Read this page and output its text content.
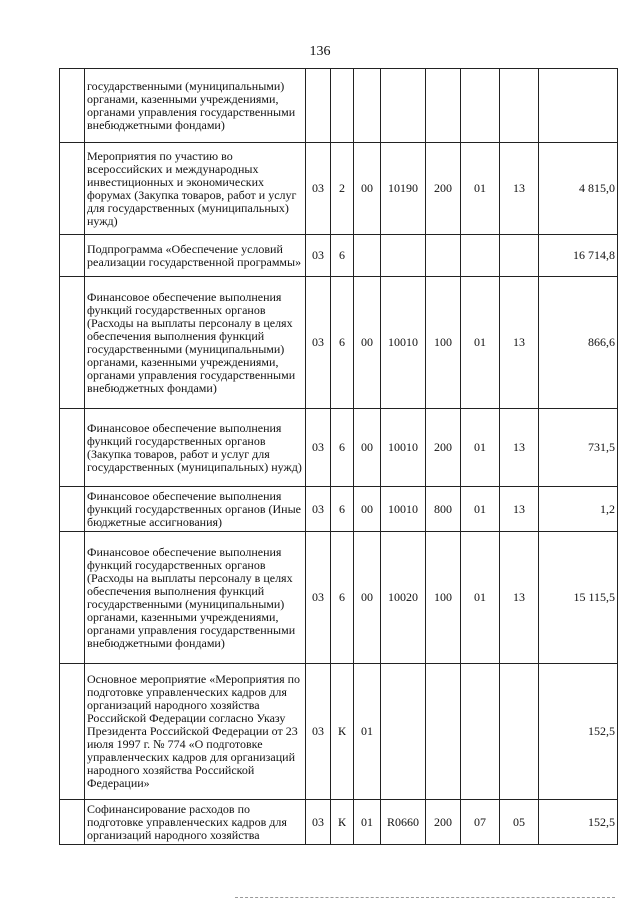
136
	государственными (муниципальными) органами, казенными учреждениями, органами управления государственными внебюджетными фондами)								
	Мероприятия по участию во всероссийских и международных инвестиционных и экономических форумах (Закупка товаров, работ и услуг для государственных (муниципальных) нужд)	03	2	00	10190	200	01	13	4 815,0
	Подпрограмма «Обеспечение условий реализации государственной программы»	03	6						16 714,8
	Финансовое обеспечение выполнения функций государственных органов (Расходы на выплаты персоналу в целях обеспечения выполнения функций государственными (муниципальными) органами, казенными учреждениями, органами управления государственными внебюджетных фондами)	03	6	00	10010	100	01	13	866,6
	Финансовое обеспечение выполнения функций государственных органов (Закупка товаров, работ и услуг для государственных (муниципальных) нужд)	03	6	00	10010	200	01	13	731,5
	Финансовое обеспечение выполнения функций государственных органов (Иные бюджетные ассигнования)	03	6	00	10010	800	01	13	1,2
	Финансовое обеспечение выполнения функций государственных органов (Расходы на выплаты персоналу в целях обеспечения выполнения функций государственными (муниципальными) органами, казенными учреждениями, органами управления государственными внебюджетными фондами)	03	6	00	10020	100	01	13	15 115,5
	Основное мероприятие «Мероприятия по подготовке управленческих кадров для организаций народного хозяйства Российской Федерации согласно Указу Президента Российской Федерации от 23 июля 1997 г. № 774 «О подготовке управленческих кадров для организаций народного хозяйства Российской Федерации»	03	К	01					152,5
	Софинансирование расходов по подготовке управленческих кадров для организаций народного хозяйства	03	К	01	R0660	200	07	05	152,5
